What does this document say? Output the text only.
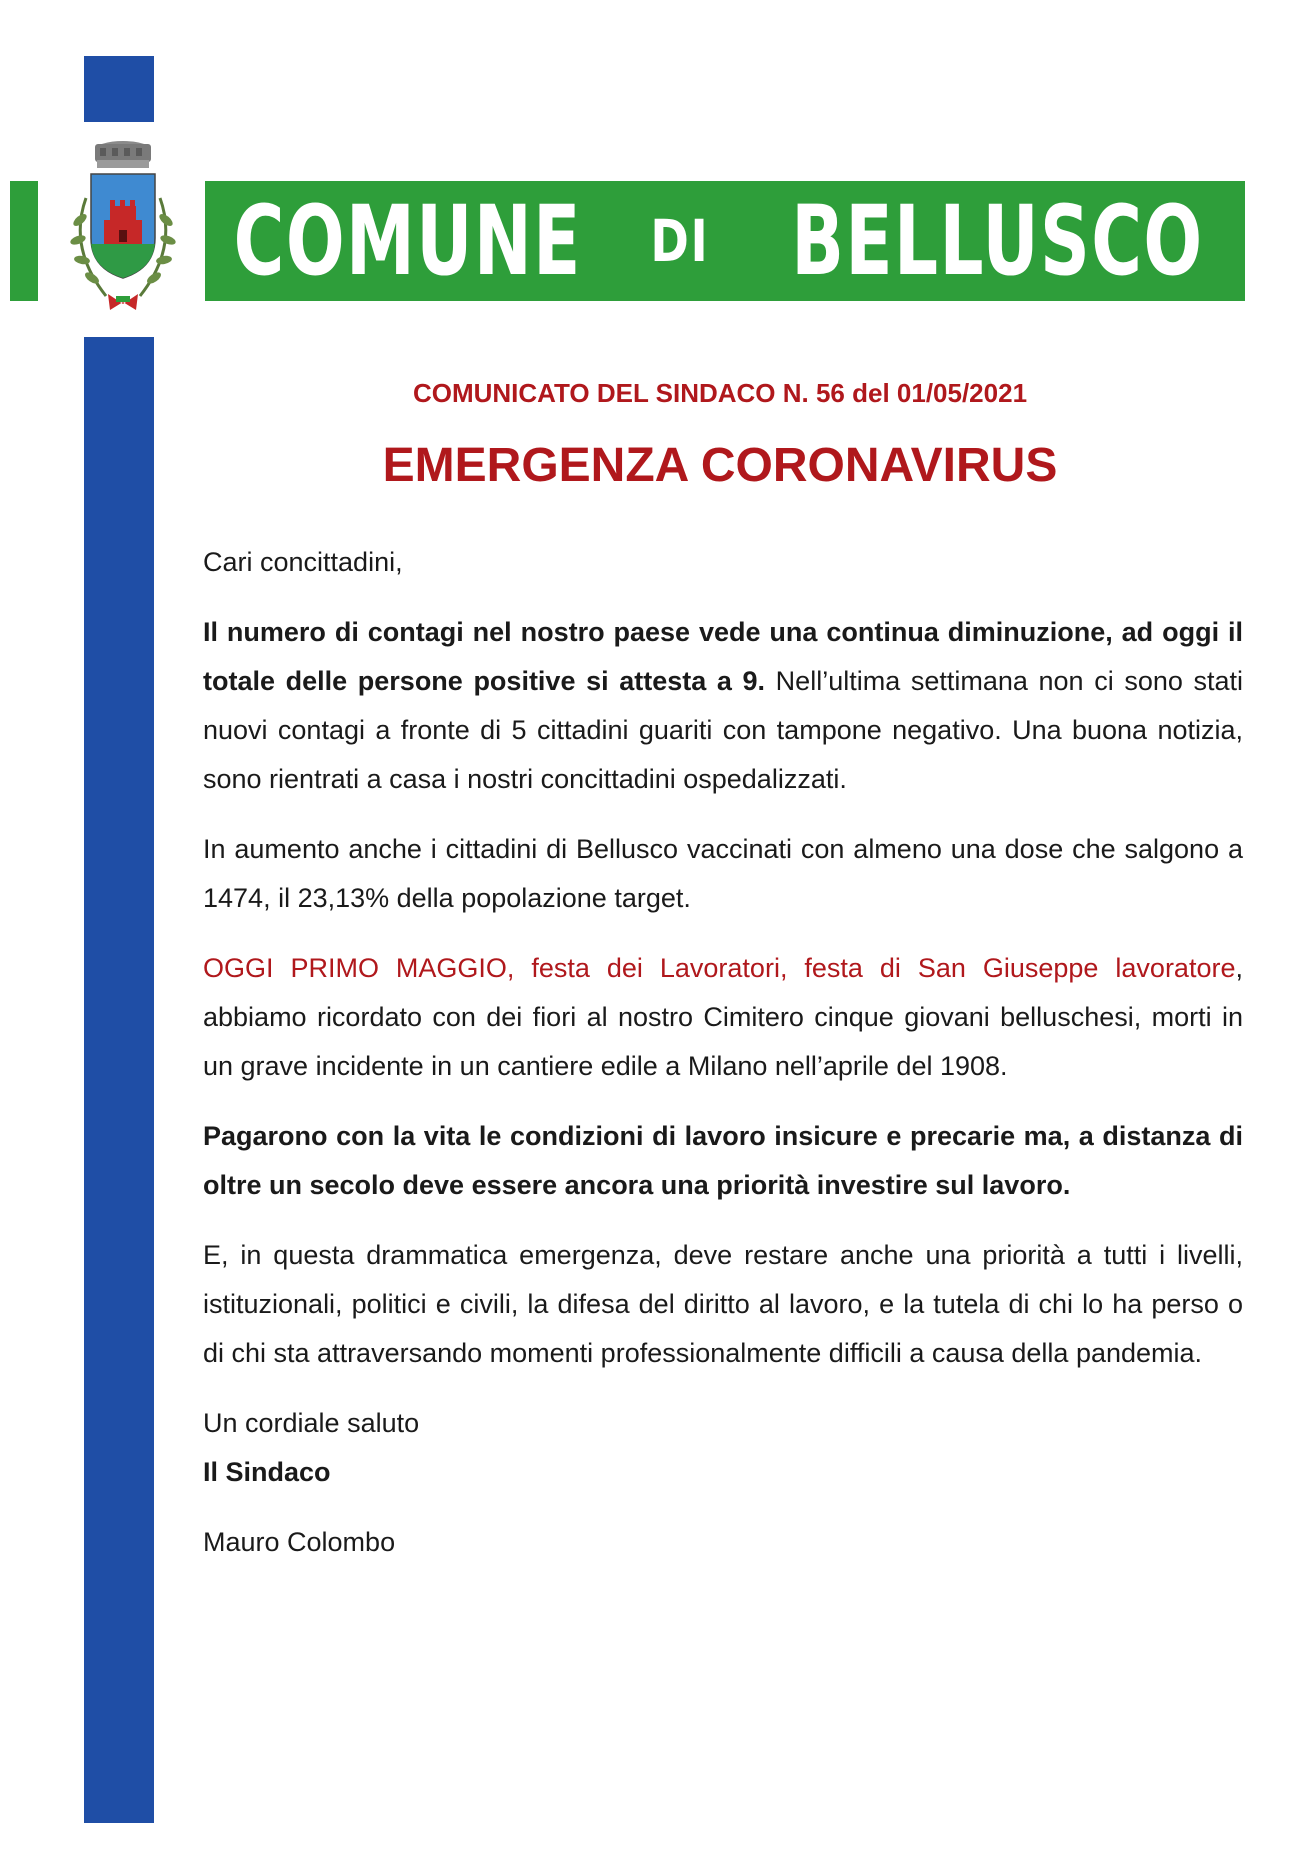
COMUNE DI BELLUSCO
COMUNICATO DEL SINDACO N. 56 del 01/05/2021
EMERGENZA CORONAVIRUS

Cari concittadini,

Il numero di contagi nel nostro paese vede una continua diminuzione, ad oggi il totale delle persone positive si attesta a 9. Nell’ultima settimana non ci sono stati nuovi contagi a fronte di 5 cittadini guariti con tampone negativo. Una buona notizia, sono rientrati a casa i nostri concittadini ospedalizzati.

In aumento anche i cittadini di Bellusco vaccinati con almeno una dose che salgono a 1474, il 23,13% della popolazione target.

OGGI PRIMO MAGGIO, festa dei Lavoratori, festa di San Giuseppe lavoratore, abbiamo ricordato con dei fiori al nostro Cimitero cinque giovani belluschesi, morti in un grave incidente in un cantiere edile a Milano nell’aprile del 1908.

Pagarono con la vita le condizioni di lavoro insicure e precarie ma, a distanza di oltre un secolo deve essere ancora una priorità investire sul lavoro.

E, in questa drammatica emergenza, deve restare anche una priorità a tutti i livelli, istituzionali, politici e civili, la difesa del diritto al lavoro, e la tutela di chi lo ha perso o di chi sta attraversando momenti professionalmente difficili a causa della pandemia.

Un cordiale saluto

Il Sindaco

Mauro Colombo
